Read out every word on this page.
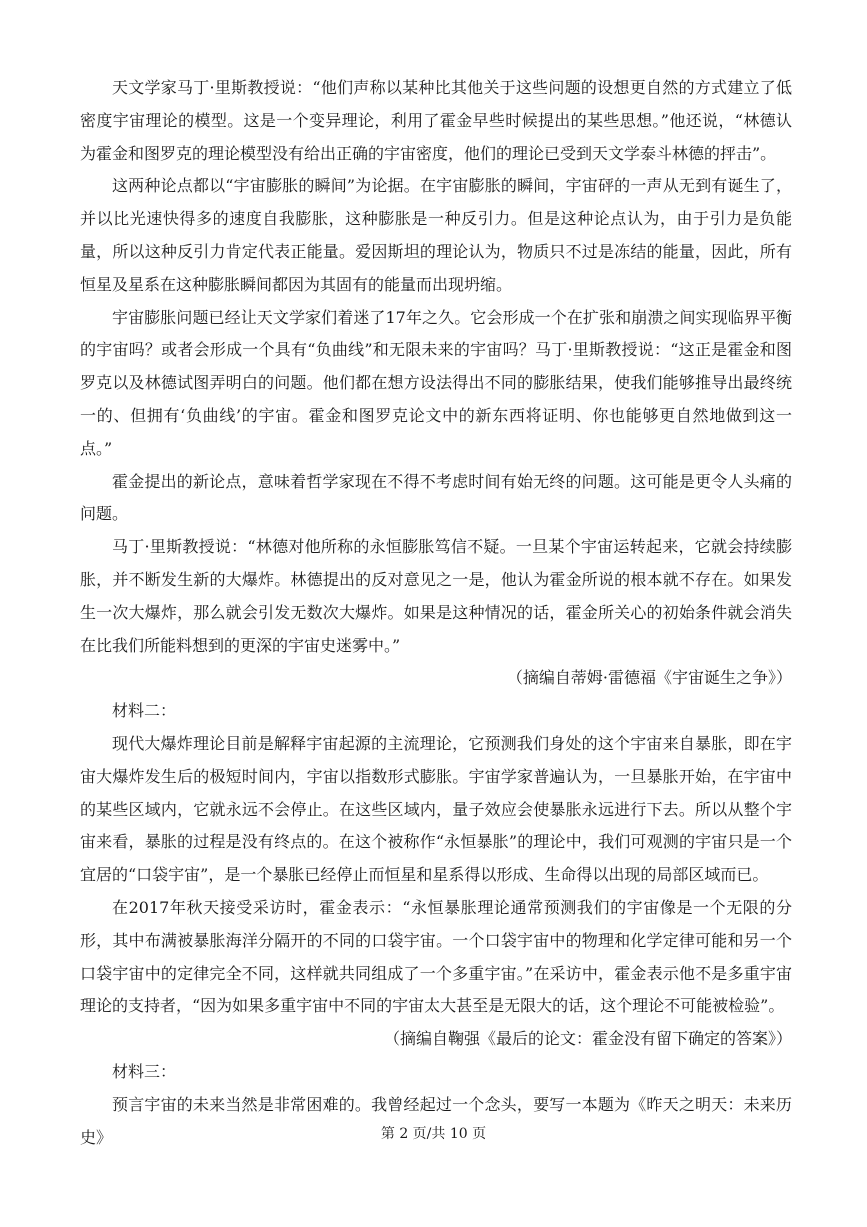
天文学家马丁·里斯教授说：“他们声称以某种比其他关于这些问题的设想更自然的方式建立了低密度宇宙理论的模型。这是一个变异理论，利用了霍金早些时候提出的某些思想。”他还说，“林德认为霍金和图罗克的理论模型没有给出正确的宇宙密度，他们的理论已受到天文学泰斗林德的抨击”。

这两种论点都以“宇宙膨胀的瞬间”为论据。在宇宙膨胀的瞬间，宇宙砰的一声从无到有诞生了，并以比光速快得多的速度自我膨胀，这种膨胀是一种反引力。但是这种论点认为，由于引力是负能量，所以这种反引力肯定代表正能量。爱因斯坦的理论认为，物质只不过是冻结的能量，因此，所有恒星及星系在这种膨胀瞬间都因为其固有的能量而出现坍缩。

宇宙膨胀问题已经让天文学家们着迷了17年之久。它会形成一个在扩张和崩溃之间实现临界平衡的宇宙吗？或者会形成一个具有“负曲线”和无限未来的宇宙吗？马丁·里斯教授说：“这正是霍金和图罗克以及林德试图弄明白的问题。他们都在想方设法得出不同的膨胀结果，使我们能够推导出最终统一的、但拥有‘负曲线’的宇宙。霍金和图罗克论文中的新东西将证明、你也能够更自然地做到这一点。”

霍金提出的新论点，意味着哲学家现在不得不考虑时间有始无终的问题。这可能是更令人头痛的问题。

马丁·里斯教授说：“林德对他所称的永恒膨胀笃信不疑。一旦某个宇宙运转起来，它就会持续膨胀，并不断发生新的大爆炸。林德提出的反对意见之一是，他认为霍金所说的根本就不存在。如果发生一次大爆炸，那么就会引发无数次大爆炸。如果是这种情况的话，霍金所关心的初始条件就会消失在比我们所能料想到的更深的宇宙史迷雾中。”

（摘编自蒂姆·雷德福《宇宙诞生之争》）

材料二：

现代大爆炸理论目前是解释宇宙起源的主流理论，它预测我们身处的这个宇宙来自暴胀，即在宇宙大爆炸发生后的极短时间内，宇宙以指数形式膨胀。宇宙学家普遍认为，一旦暴胀开始，在宇宙中的某些区域内，它就永远不会停止。在这些区域内，量子效应会使暴胀永远进行下去。所以从整个宇宙来看，暴胀的过程是没有终点的。在这个被称作“永恒暴胀”的理论中，我们可观测的宇宙只是一个宜居的“口袋宇宙”，是一个暴胀已经停止而恒星和星系得以形成、生命得以出现的局部区域而已。

在2017年秋天接受采访时，霍金表示：“永恒暴胀理论通常预测我们的宇宙像是一个无限的分形，其中布满被暴胀海洋分隔开的不同的口袋宇宙。一个口袋宇宙中的物理和化学定律可能和另一个口袋宇宙中的定律完全不同，这样就共同组成了一个多重宇宙。”在采访中，霍金表示他不是多重宇宙理论的支持者，“因为如果多重宇宙中不同的宇宙太大甚至是无限大的话，这个理论不可能被检验”。

（摘编自鞠强《最后的论文：霍金没有留下确定的答案》）

材料三：

预言宇宙的未来当然是非常困难的。我曾经起过一个念头，要写一本题为《昨天之明天：未来历史》	第 2 页/共 10 页
